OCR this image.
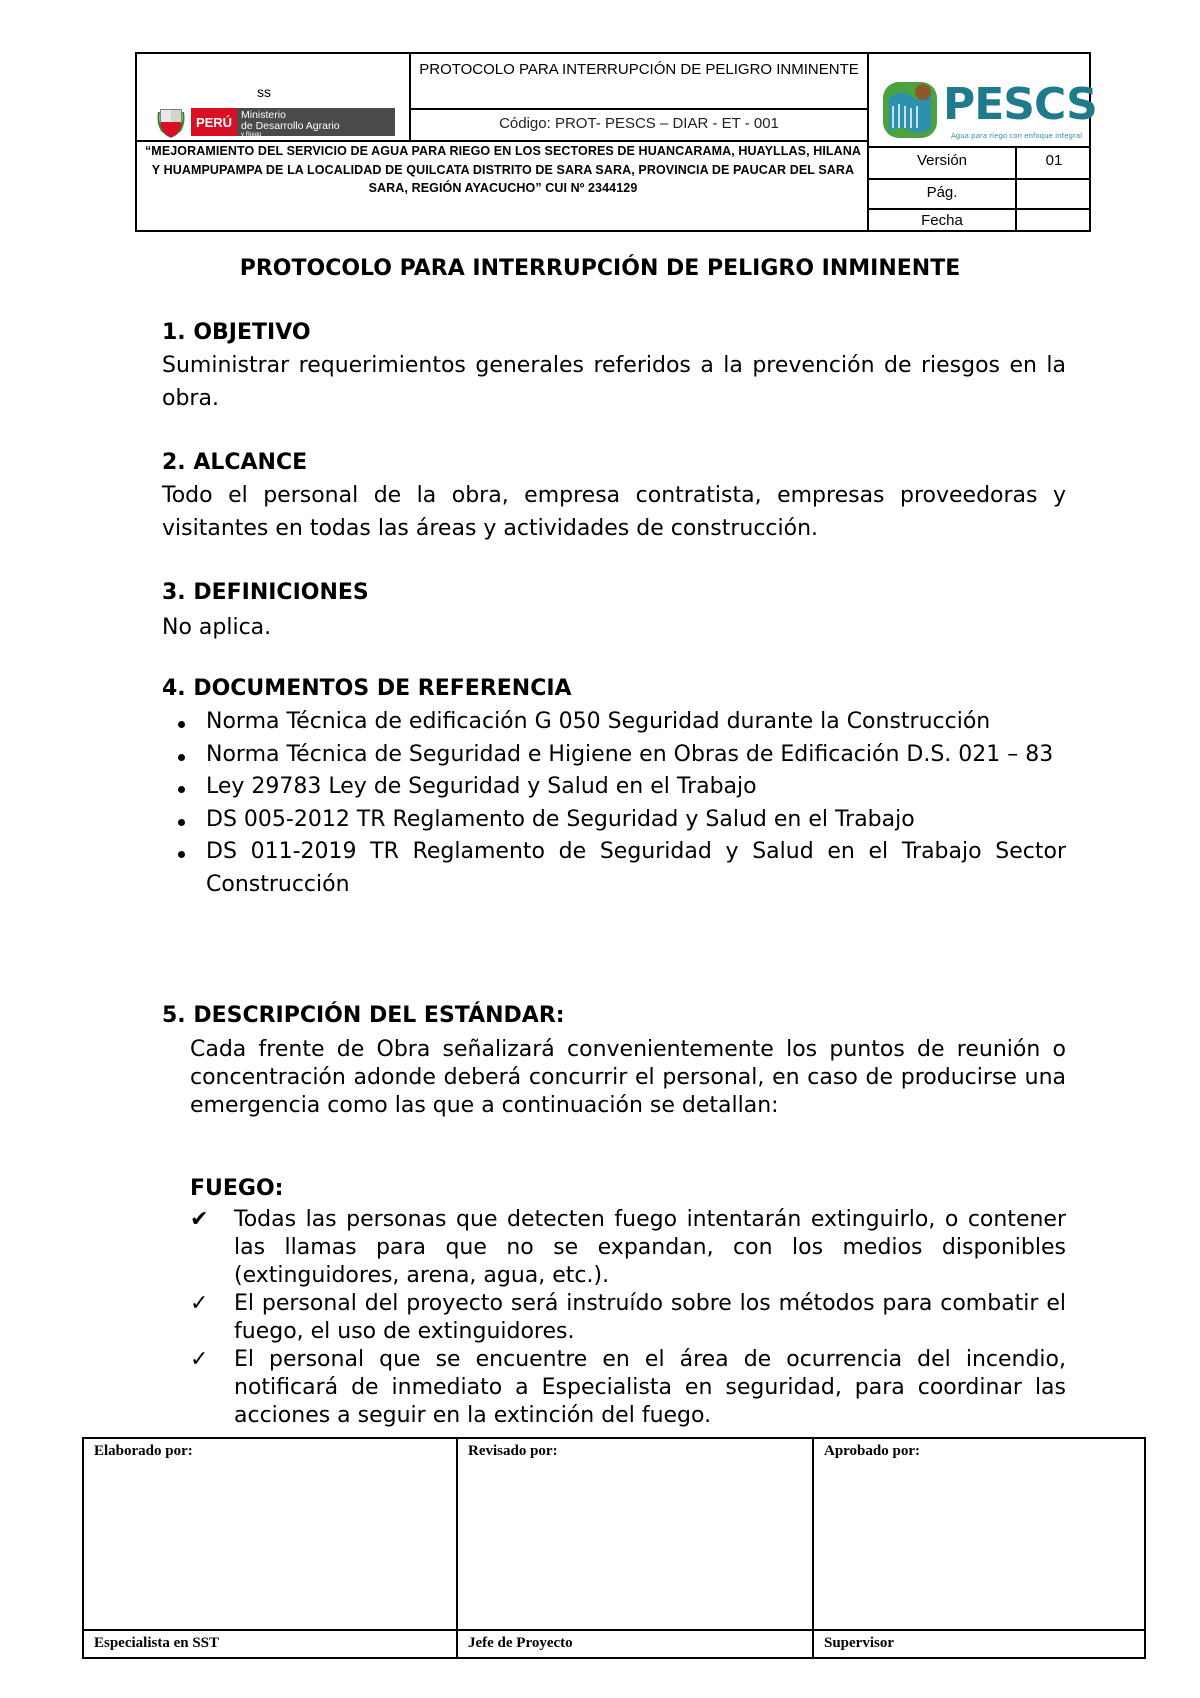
ss
PERÚ Ministerio
de Desarrollo Agrario
y Riego
PROTOCOLO PARA INTERRUPCIÓN DE PELIGRO INMINENTE
Código: PROT- PESCS – DIAR - ET - 001
“MEJORAMIENTO DEL SERVICIO DE AGUA PARA RIEGO EN LOS SECTORES DE HUANCARAMA, HUAYLLAS, HILANA Y HUAMPUPAMPA DE LA LOCALIDAD DE QUILCATA DISTRITO DE SARA SARA, PROVINCIA DE PAUCAR DEL SARA SARA, REGIÓN AYACUCHO” CUI Nº 2344129
PESCS
Agua para riego con enfoque integral
Versión	01
Pág.
Fecha
PROTOCOLO PARA INTERRUPCIÓN DE PELIGRO INMINENTE
1. OBJETIVO
Suministrar requerimientos generales referidos a la prevención de riesgos en la obra.
2. ALCANCE
Todo el personal de la obra, empresa contratista, empresas proveedoras y visitantes en todas las áreas y actividades de construcción.
3. DEFINICIONES
No aplica.
4. DOCUMENTOS DE REFERENCIA
Norma Técnica de edificación G 050 Seguridad durante la Construcción
Norma Técnica de Seguridad e Higiene en Obras de Edificación D.S. 021 – 83
Ley 29783 Ley de Seguridad y Salud en el Trabajo
DS 005-2012 TR Reglamento de Seguridad y Salud en el Trabajo
DS 011-2019 TR Reglamento de Seguridad y Salud en el Trabajo Sector Construcción
5. DESCRIPCIÓN DEL ESTÁNDAR:
Cada frente de Obra señalizará convenientemente los puntos de reunión o concentración adonde deberá concurrir el personal, en caso de producirse una emergencia como las que a continuación se detallan:
FUEGO:
✔ Todas las personas que detecten fuego intentarán extinguirlo, o contener las llamas para que no se expandan, con los medios disponibles (extinguidores, arena, agua, etc.).
✓ El personal del proyecto será instruído sobre los métodos para combatir el fuego, el uso de extinguidores.
✓ El personal que se encuentre en el área de ocurrencia del incendio, notificará de inmediato a Especialista en seguridad, para coordinar las acciones a seguir en la extinción del fuego.
Elaborado por:	Revisado por:	Aprobado por:
Especialista en SST	Jefe de Proyecto	Supervisor
